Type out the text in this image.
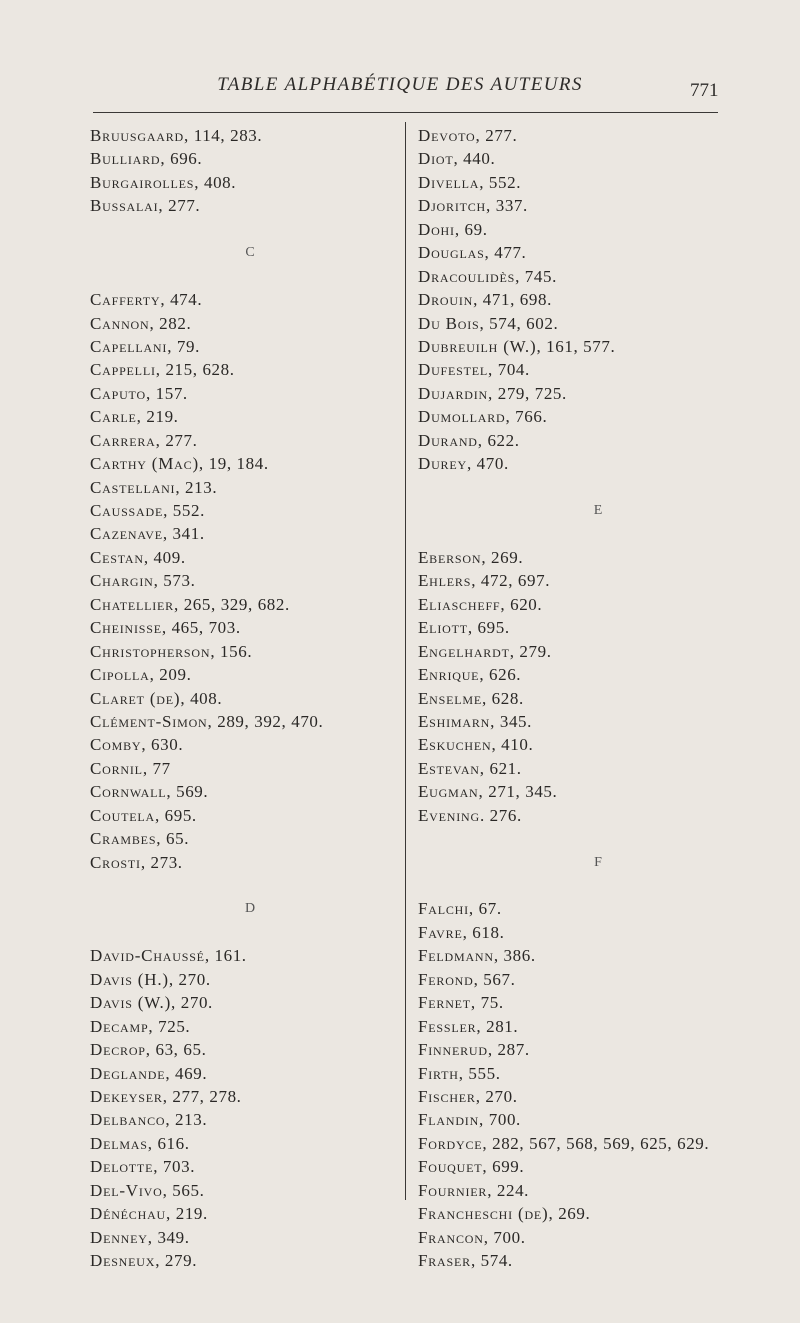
TABLE ALPHABÉTIQUE DES AUTEURS	771
Bruusgaard, 114, 283.
Bulliard, 696.
Burgairolles, 408.
Bussalai, 277.
C
Cafferty, 474.
Cannon, 282.
Capellani, 79.
Cappelli, 215, 628.
Caputo, 157.
Carle, 219.
Carrera, 277.
Carthy (Mac), 19, 184.
Castellani, 213.
Caussade, 552.
Cazenave, 341.
Cestan, 409.
Chargin, 573.
Chatellier, 265, 329, 682.
Cheinisse, 465, 703.
Christopherson, 156.
Cipolla, 209.
Claret (de), 408.
Clément-Simon, 289, 392, 470.
Comby, 630.
Cornil, 77
Cornwall, 569.
Coutela, 695.
Crambes, 65.
Crosti, 273.
D
David-Chaussé, 161.
Davis (H.), 270.
Davis (W.), 270.
Decamp, 725.
Decrop, 63, 65.
Deglande, 469.
Dekeyser, 277, 278.
Delbanco, 213.
Delmas, 616.
Delotte, 703.
Del-Vivo, 565.
Dénéchau, 219.
Denney, 349.
Desneux, 279.
Devoto, 277.
Diot, 440.
Divella, 552.
Djoritch, 337.
Dohi, 69.
Douglas, 477.
Dracoulidès, 745.
Drouin, 471, 698.
Du Bois, 574, 602.
Dubreuilh (W.), 161, 577.
Dufestel, 704.
Dujardin, 279, 725.
Dumollard, 766.
Durand, 622.
Durey, 470.
E
Eberson, 269.
Ehlers, 472, 697.
Eliascheff, 620.
Eliott, 695.
Engelhardt, 279.
Enrique, 626.
Enselme, 628.
Eshimarn, 345.
Eskuchen, 410.
Estevan, 621.
Eugman, 271, 345.
Evening. 276.
F
Falchi, 67.
Favre, 618.
Feldmann, 386.
Ferond, 567.
Fernet, 75.
Fessler, 281.
Finnerud, 287.
Firth, 555.
Fischer, 270.
Flandin, 700.
Fordyce, 282, 567, 568, 569, 625, 629.
Fouquet, 699.
Fournier, 224.
Francheschi (de), 269.
Francon, 700.
Fraser, 574.
